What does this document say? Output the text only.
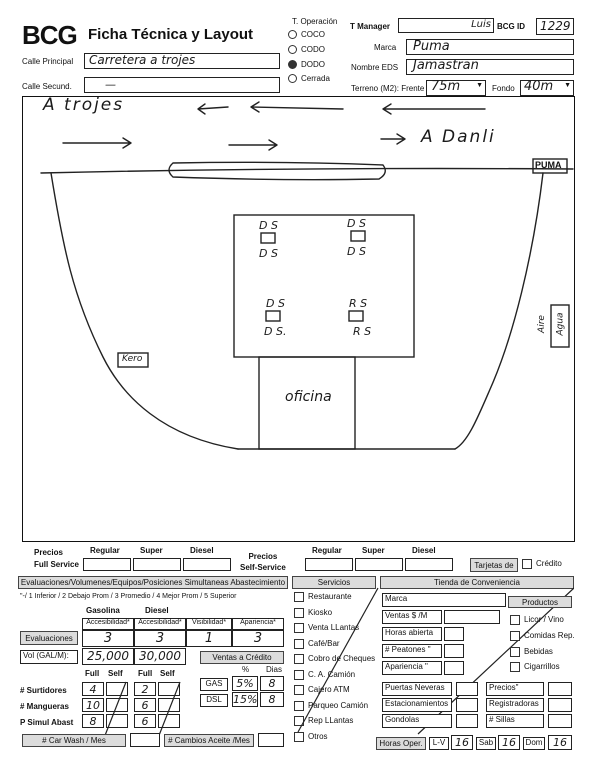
BCG Ficha Técnica y Layout
Calle Principal Carretera a trojes
Calle Secund.	—
T. Operación
COCO
CODO
DODO
Cerrada
T Manager	Luis BCG ID 1229
Marca Puma
Nombre EDS Jamastran
Terreno (M2): Frente 75m ▼ Fondo 40m ▼
A trojes
A Danli
PUMA
D S
D S
D S
D S
D S
D S.
R S
R S
Kero
oficina
Aire Agua
Precios
Full Service
Regular	Super	Diesel
Precios
Self-Service
Regular	Super	Diesel
Tarjetas de	Crédito
Evaluaciones/Volumenes/Equipos/Posiciones Simultaneas Abastecimiento
"-/ 1 Inferior / 2 Debajo Prom / 3 Promedio / 4 Mejor Prom / 5 Superior
Gasolina	Diesel
Accesibilidad*	Accesibilidad*	Visibilidad*	Apariencia*
Evaluaciones	3	3	1	3
Vol (GAL/M):	25,000 30,000	Ventas a Crédito
% Dias
GAS	5%	8
DSL	15%	8
Full Self Full Self
# Surtidores	4	2
# Mangueras	10	6
P Simul Abast	8	6
# Car Wash / Mes	# Cambios Aceite /Mes
Servicios
Restaurante
Kiosko
Venta LLantas
Café/Bar
Cobro de Cheques
C. A. Camión
Cajero ATM
Parqueo Camión
Rep LLantas
Otros
Tienda de Conveniencia
Marca	Productos
Ventas $ /M
Horas abierta
# Peatones "
Apariencia "
Licor / Vino
Comidas Rep.
Bebidas
Cigarrillos
Puertas Neveras	Precios"
Estacionamientos	Registradoras
Gondolas	# Sillas
Horas Oper.	L-V 16	Sab 16	Dom 16
